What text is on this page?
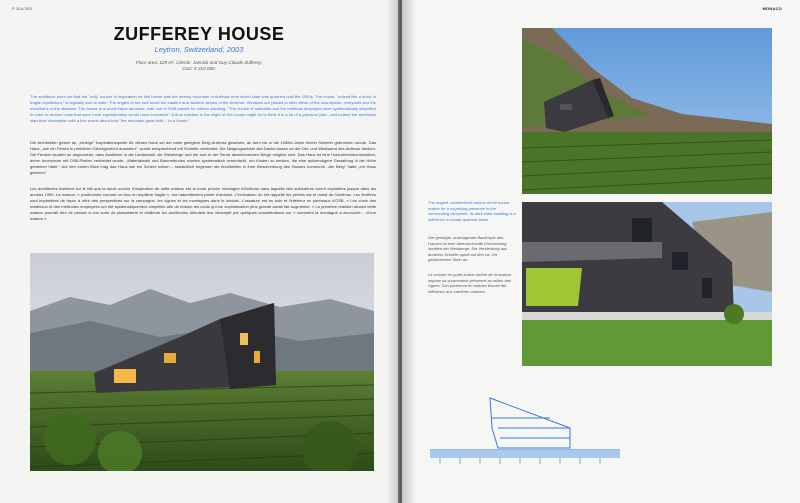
P 304/305
ZUFFEREY HOUSE
Leytron, Switzerland, 2003
Floor area: 129 m². Clients: Jannick and Guy-Claude Zufferey.
Cost: € 310 000.

The architects point out that the "only" source of inspiration for this house was the nearby mountain of Ardévaz from which slate was quarried until the 1950s. The house, "poised like a block in fragile equilibrium," is logically clad in slate. The angles of the roof recall the eastern and western slopes of the Ardévaz. Windows are placed to offer views of the countryside, vineyards and the mountains in the distance. The house is a wood frame structure, with use of OSB panels for interior cladding. "The choice of materials and the methods employed were systematically simplified in order to reduce costs that were more sophistication would have increased." A final reaction to the slight of this house might be to think it is a bit of a practical joke—and indeed the architects start their description with a line words about how "the mountain gave birth… to a house."

Die Architekten geben an, „einzige" Inspirationsquelle für dieses Haus sei der nahe gelegene Berg Ardévaz gewesen, an dem bis in die 1950er-Jahre hinein Schiefer gebrochen wurde. Das Haus, „wie ein Felsen in prekärem Gleichgewicht austariert", wurde entsprechend mit Schiefer verkleidet. Die Neigungswinkel des Dachs lassen an die Ost- und Westwand des Ardévaz denken. Die Fenster wurden so angeordnet, dass Ausblicke in die Landschaft, die Weinberge und die sich in der Ferne abzeichnenden Berge möglich sind. Das Haus ist eine Holzrahmenkonstruktion, deren Innenraum mit OSB-Platten verkleidet wurde. „Materialwahl und Baumethoden wurden systematisch vereinfacht, um Kosten zu senken, die eine aufwendigere Gestaltung in die Höhe getrieben hätte." Auf den ersten Blick mag das Haus wie ein Scherz wirken – tatsächlich beginnen die Architekten in ihrer Beschreibung des Hauses humorvoll: „der Berg" hatte „ein Haus geboren".

Les architectes insistent sur le fait que la seule source d'inspiration de cette maison est la toute proche montagne d'Ardévaz dans laquelle des ardoisières furent exploitées jusque dans les années 1950. La maison, « positionnée comme un bloc en équilibre fragile », est naturellement parée d'ardoise. L'inclinaison du toit rappelle les pentes est et ouest de l'Ardévaz. Les fenêtres sont implantées de façon à offrir des perspectives sur la campagne, les vignes et les montagnes dans le lointain. L'ossature est en bois et l'intérieur en panneaux d'OSB. « Les choix des matériaux et des méthodes employées ont été systématiquement simplifiés afin de réduire les coûts qu'une sophistication plus grande aurait fait augmenter. » La première réaction devant cette maison pourrait être de penser à une sorte de plaisanterie et d'ailleurs les architectes débutent leur descriptif par quelques considérations sur « comment la montagne a accouché… d'une maison ».

MONACO

The angled, cantilevered volume of the house makes for a surprising presence in the surrounding vineyards. Its dark slate cladding is a reference to locally quarried stone.

Der geneigte, auskragende Baukörper des Hauses ist eine überraschende Erscheinung inmitten der Weinberge. Die Verkleidung aus dunklem Schiefer spielt auf den vor Ort gebrochenen Stein an.

Le volume en porte-à-faux incliné de la maison impose sa surprenante présence au milieu des vignes. Son parement en ardoise foncée fait référence aux carrières voisines.
